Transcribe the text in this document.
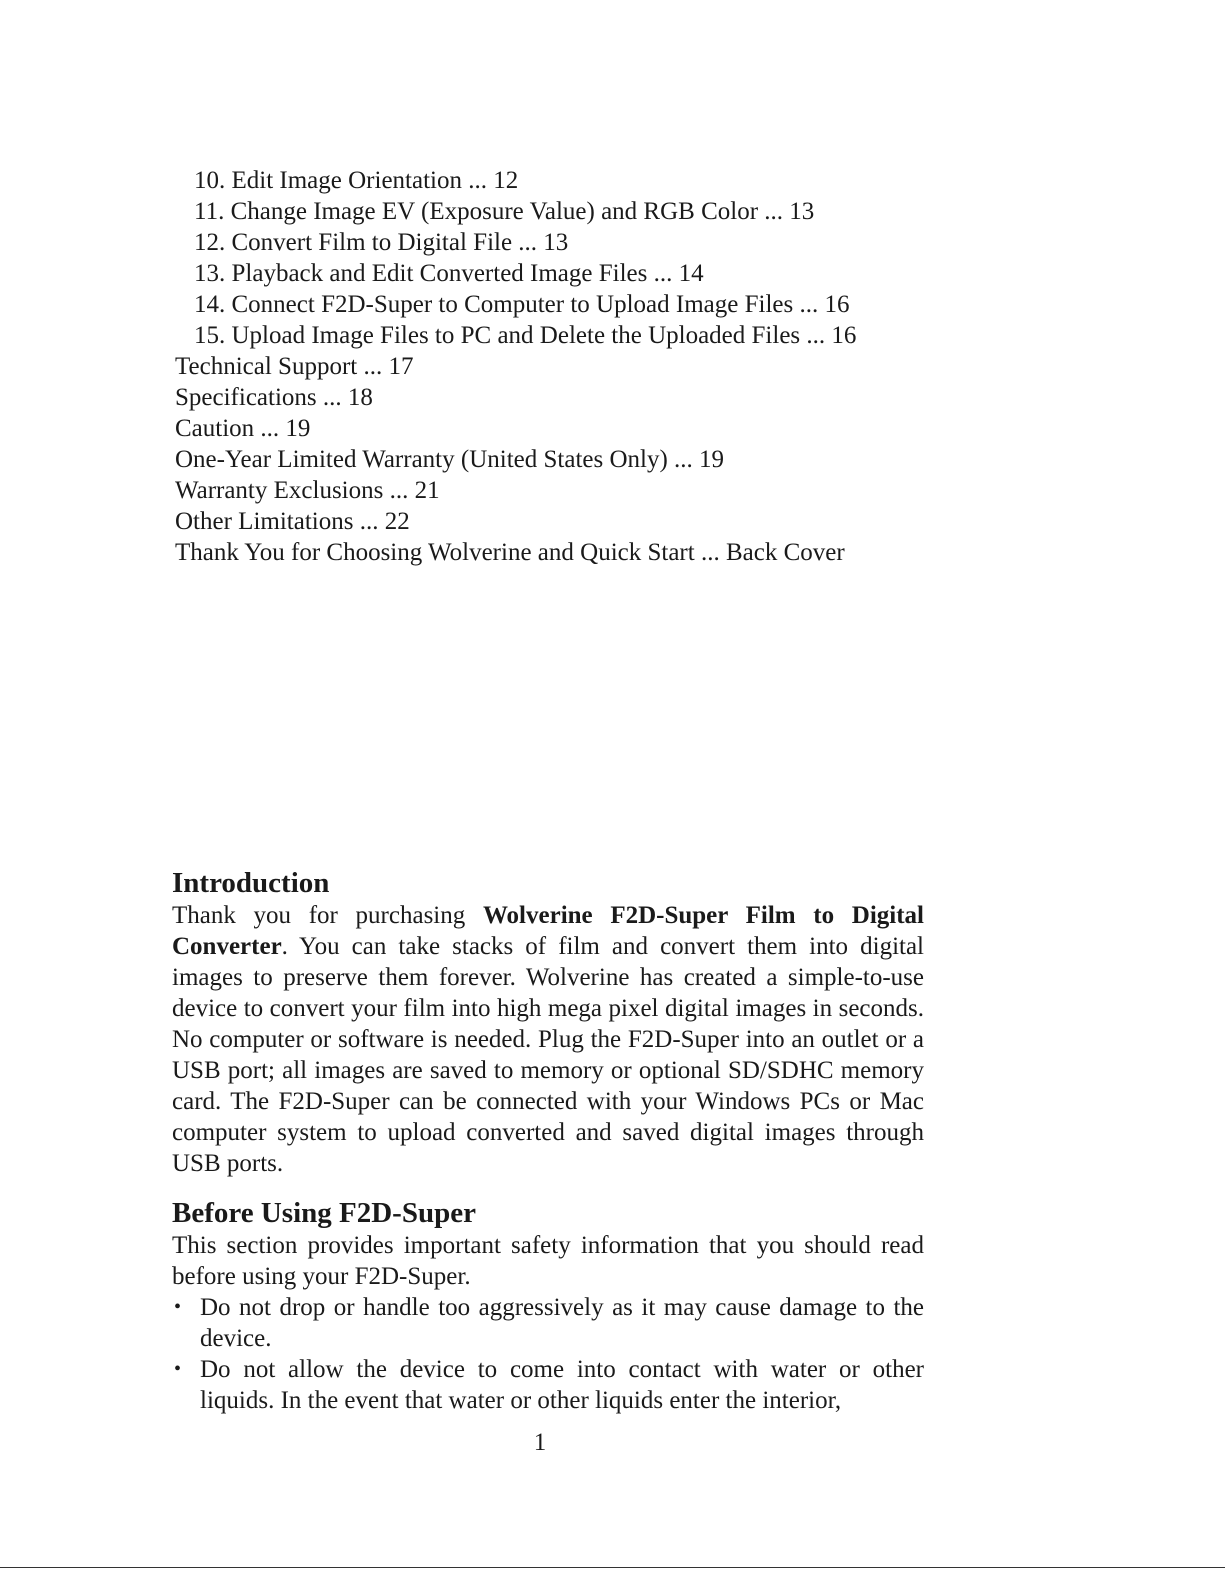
10. Edit Image Orientation ... 12
11. Change Image EV (Exposure Value) and RGB Color ... 13
12. Convert Film to Digital File ... 13
13. Playback and Edit Converted Image Files ... 14
14. Connect F2D-Super to Computer to Upload Image Files ... 16
15. Upload Image Files to PC and Delete the Uploaded Files ... 16
Technical Support ... 17
Specifications ... 18
Caution ... 19
One-Year Limited Warranty (United States Only) ... 19
Warranty Exclusions ... 21
Other Limitations ... 22
Thank You for Choosing Wolverine and Quick Start ... Back Cover
Introduction

Thank you for purchasing Wolverine F2D-Super Film to Digital Converter. You can take stacks of film and convert them into digital images to preserve them forever. Wolverine has created a simple-to-use device to convert your film into high mega pixel digital images in seconds. No computer or software is needed. Plug the F2D-Super into an outlet or a USB port; all images are saved to memory or optional SD/SDHC memory card. The F2D-Super can be connected with your Windows PCs or Mac computer system to upload converted and saved digital images through USB ports.

Before Using F2D-Super

This section provides important safety information that you should read before using your F2D-Super.

• Do not drop or handle too aggressively as it may cause damage to the device.
• Do not allow the device to come into contact with water or other liquids. In the event that water or other liquids enter the interior,
1
